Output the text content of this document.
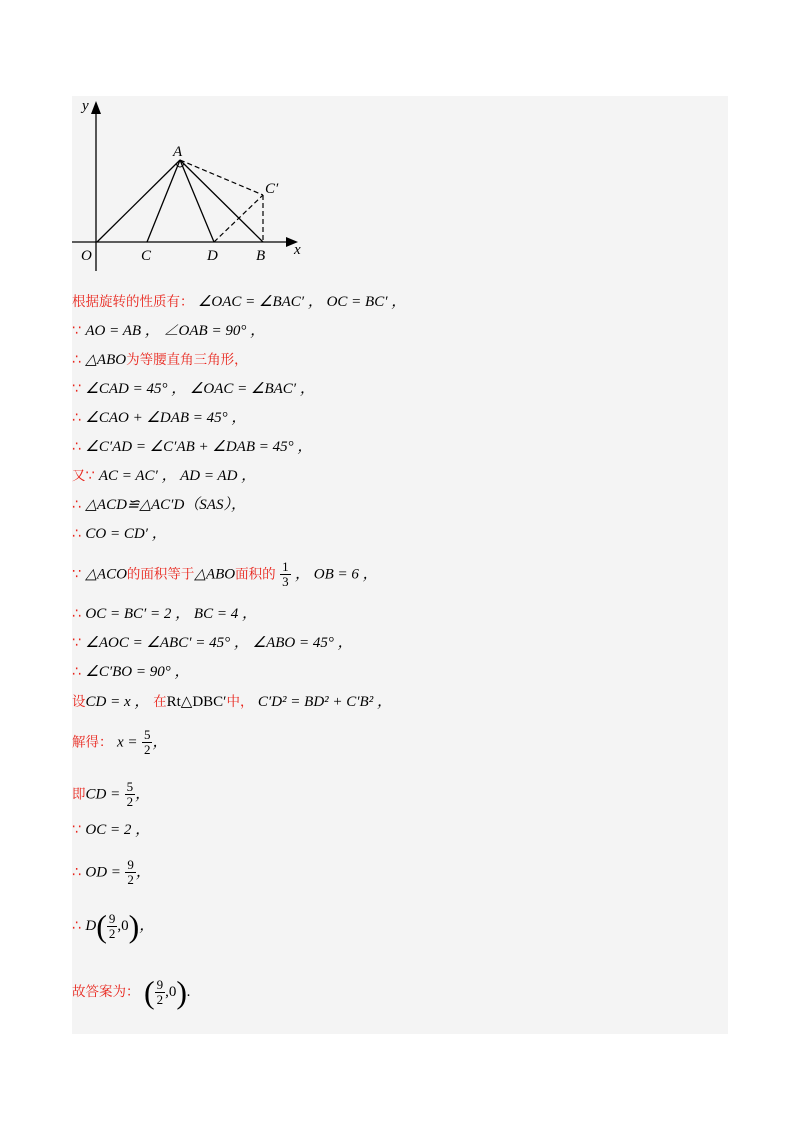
y
x
O	C	D	B
A
C′
根据旋转的性质有： ∠OAC = ∠BAC′ ， OC = BC′ ，
∵ AO = AB ， ∠OAB = 90° ，
∴ △ABO为等腰直角三角形，
∵ ∠CAD = 45° ， ∠OAC = ∠BAC′ ，
∴ ∠CAO + ∠DAB = 45° ，
∴ ∠C′AD = ∠C′AB + ∠DAB = 45° ，
又∵ AC = AC′ ， AD = AD ，
∴ △ACD≌△AC′D（SAS），
∴ CO = CD′ ，
∵ △ACO的面积等于△ABO面积的 $\frac{1}{3}$ ， OB = 6 ，
∴ OC = BC′ = 2 ， BC = 4 ，
∵ ∠AOC = ∠ABC′ = 45° ， ∠ABO = 45° ，
∴ ∠C′BO = 90° ，
设CD = x ， 在Rt△DBC′中， C′D² = BD² + C′B² ，
解得： $x = \frac{5}{2}$ ，
即CD = $\frac{5}{2}$ ，
∵ OC = 2 ，
∴ OD = $\frac{9}{2}$ ，
∴ $D( \frac{9}{2} ,0)$，
故答案为： ( $\frac{9}{2} ,0$).
